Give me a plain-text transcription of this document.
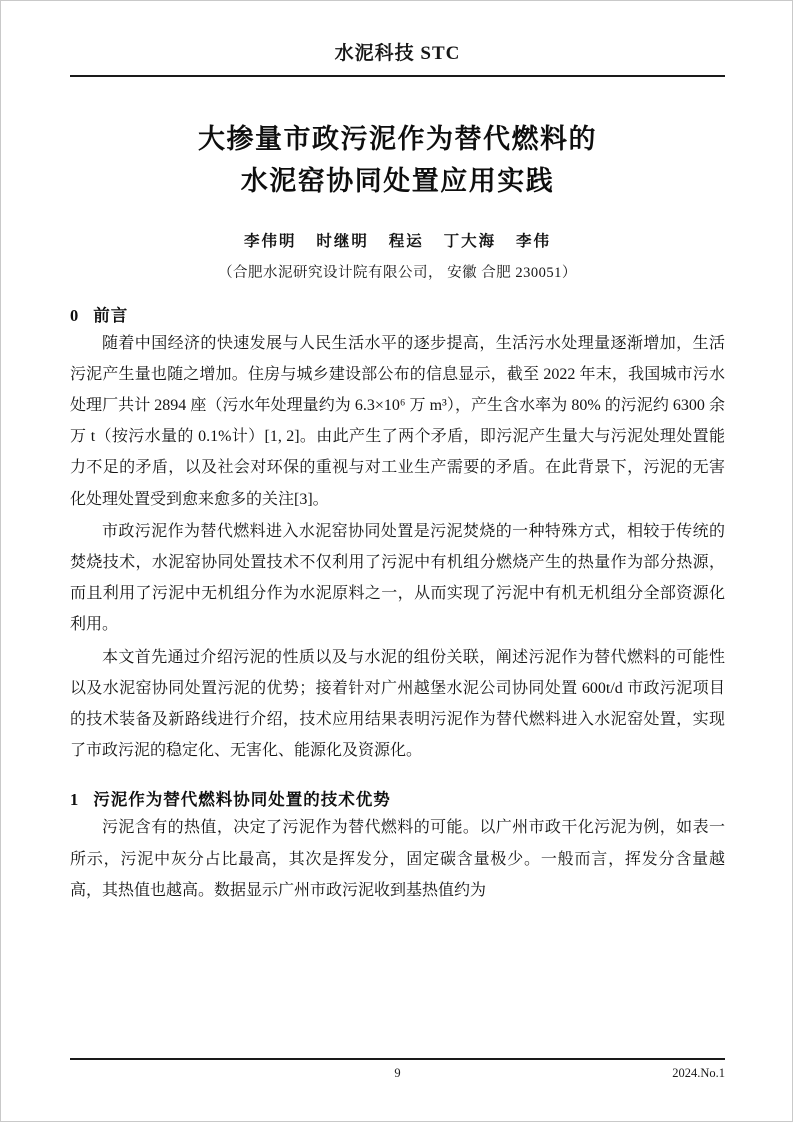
水泥科技 STC
大掺量市政污泥作为替代燃料的
水泥窑协同处置应用实践
李伟明 时继明 程运 丁大海 李伟
（合肥水泥研究设计院有限公司， 安徽 合肥 230051）
0 前言

随着中国经济的快速发展与人民生活水平的逐步提高，生活污水处理量逐渐增加，生活污泥产生量也随之增加。住房与城乡建设部公布的信息显示，截至 2022 年末，我国城市污水处理厂共计 2894 座（污水年处理量约为 6.3×10⁶ 万 m³），产生含水率为 80% 的污泥约 6300 余万 t（按污水量的 0.1%计）[1, 2]。由此产生了两个矛盾，即污泥产生量大与污泥处理处置能力不足的矛盾，以及社会对环保的重视与对工业生产需要的矛盾。在此背景下，污泥的无害化处理处置受到愈来愈多的关注[3]。

市政污泥作为替代燃料进入水泥窑协同处置是污泥焚烧的一种特殊方式，相较于传统的焚烧技术，水泥窑协同处置技术不仅利用了污泥中有机组分燃烧产生的热量作为部分热源，而且利用了污泥中无机组分作为水泥原料之一，从而实现了污泥中有机无机组分全部资源化利用。

本文首先通过介绍污泥的性质以及与水泥的组份关联，阐述污泥作为替代燃料的可能性以及水泥窑协同处置污泥的优势；接着针对广州越堡水泥公司协同处置 600t/d 市政污泥项目的技术装备及新路线进行介绍，技术应用结果表明污泥作为替代燃料进入水泥窑处置，实现了市政污泥的稳定化、无害化、能源化及资源化。

1 污泥作为替代燃料协同处置的技术优势

污泥含有的热值，决定了污泥作为替代燃料的可能。以广州市政干化污泥为例，如表一所示，污泥中灰分占比最高，其次是挥发分，固定碳含量极少。一般而言，挥发分含量越高，其热值也越高。数据显示广州市政污泥收到基热值约为

9	2024.No.1
